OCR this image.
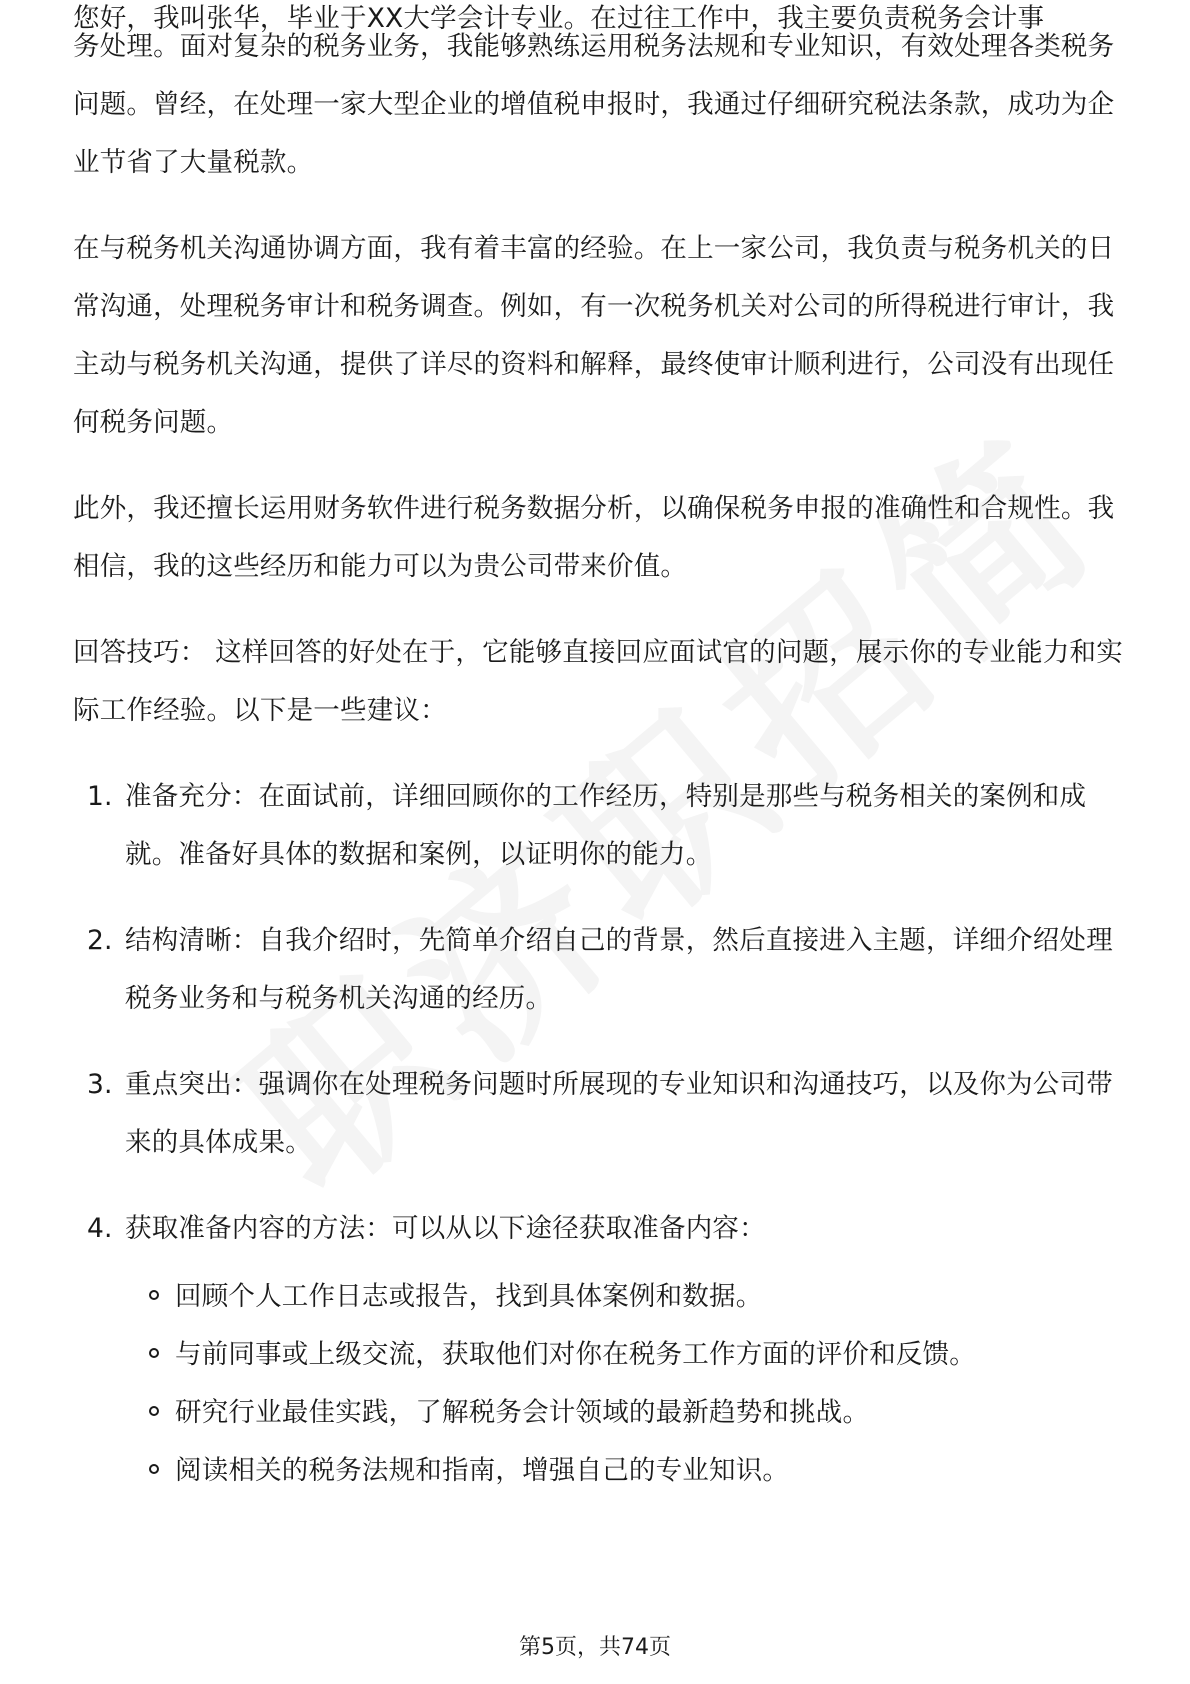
您好，我叫张华，毕业于XX大学会计专业。在过往工作中，我主要负责税务会计事

务处理。面对复杂的税务业务，我能够熟练运用税务法规和专业知识，有效处理各类税务问题。曾经，在处理一家大型企业的增值税申报时，我通过仔细研究税法条款，成功为企业节省了大量税款。

在与税务机关沟通协调方面，我有着丰富的经验。在上一家公司，我负责与税务机关的日常沟通，处理税务审计和税务调查。例如，有一次税务机关对公司的所得税进行审计，我主动与税务机关沟通，提供了详尽的资料和解释，最终使审计顺利进行，公司没有出现任何税务问题。

此外，我还擅长运用财务软件进行税务数据分析，以确保税务申报的准确性和合规性。我相信，我的这些经历和能力可以为贵公司带来价值。

回答技巧： 这样回答的好处在于，它能够直接回应面试官的问题，展示你的专业能力和实际工作经验。以下是一些建议：

1. 准备充分：在面试前，详细回顾你的工作经历，特别是那些与税务相关的案例和成就。准备好具体的数据和案例，以证明你的能力。
2. 结构清晰：自我介绍时，先简单介绍自己的背景，然后直接进入主题，详细介绍处理税务业务和与税务机关沟通的经历。
3. 重点突出：强调你在处理税务问题时所展现的专业知识和沟通技巧，以及你为公司带来的具体成果。
4. 获取准备内容的方法：可以从以下途径获取准备内容：
回顾个人工作日志或报告，找到具体案例和数据。
与前同事或上级交流，获取他们对你在税务工作方面的评价和反馈。
研究行业最佳实践，了解税务会计领域的最新趋势和挑战。
阅读相关的税务法规和指南，增强自己的专业知识。
第5页，共74页
